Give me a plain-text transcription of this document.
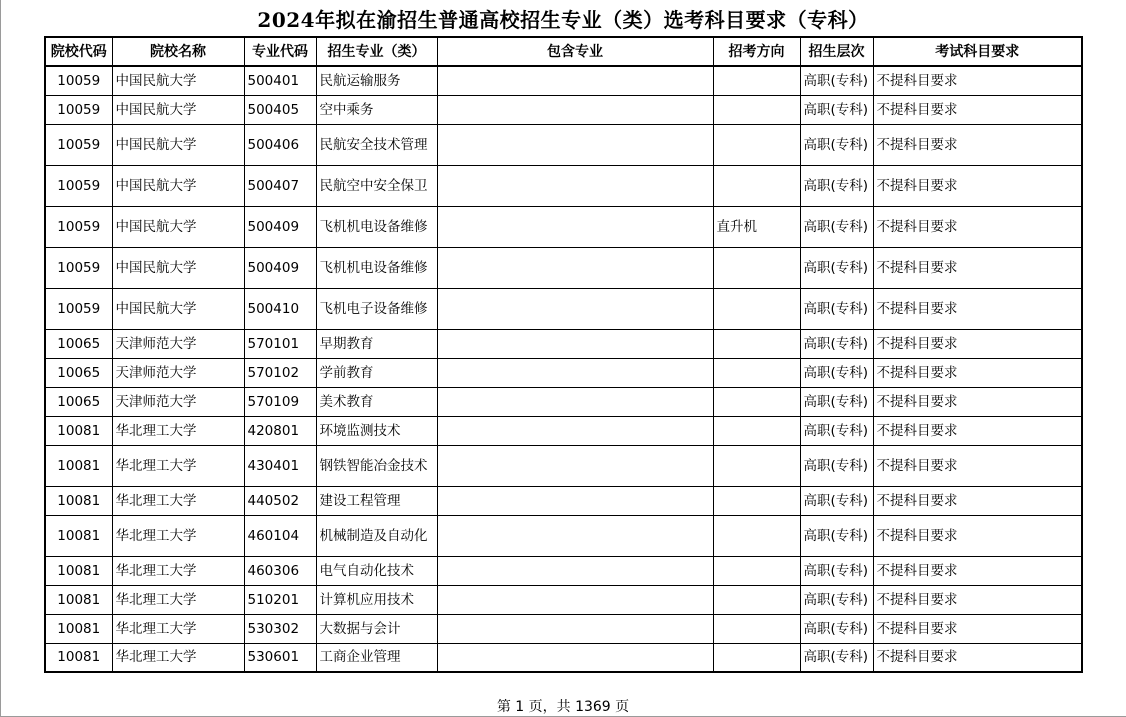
2024年拟在渝招生普通高校招生专业（类）选考科目要求（专科）
院校代码	院校名称	专业代码	招生专业（类）	包含专业	招考方向	招生层次	考试科目要求
10059	中国民航大学	500401	民航运输服务			高职(专科)	不提科目要求
10059	中国民航大学	500405	空中乘务			高职(专科)	不提科目要求
10059	中国民航大学	500406	民航安全技术管理			高职(专科)	不提科目要求
10059	中国民航大学	500407	民航空中安全保卫			高职(专科)	不提科目要求
10059	中国民航大学	500409	飞机机电设备维修		直升机	高职(专科)	不提科目要求
10059	中国民航大学	500409	飞机机电设备维修			高职(专科)	不提科目要求
10059	中国民航大学	500410	飞机电子设备维修			高职(专科)	不提科目要求
10065	天津师范大学	570101	早期教育			高职(专科)	不提科目要求
10065	天津师范大学	570102	学前教育			高职(专科)	不提科目要求
10065	天津师范大学	570109	美术教育			高职(专科)	不提科目要求
10081	华北理工大学	420801	环境监测技术			高职(专科)	不提科目要求
10081	华北理工大学	430401	钢铁智能冶金技术			高职(专科)	不提科目要求
10081	华北理工大学	440502	建设工程管理			高职(专科)	不提科目要求
10081	华北理工大学	460104	机械制造及自动化			高职(专科)	不提科目要求
10081	华北理工大学	460306	电气自动化技术			高职(专科)	不提科目要求
10081	华北理工大学	510201	计算机应用技术			高职(专科)	不提科目要求
10081	华北理工大学	530302	大数据与会计			高职(专科)	不提科目要求
10081	华北理工大学	530601	工商企业管理			高职(专科)	不提科目要求
第 1 页，共 1369 页
